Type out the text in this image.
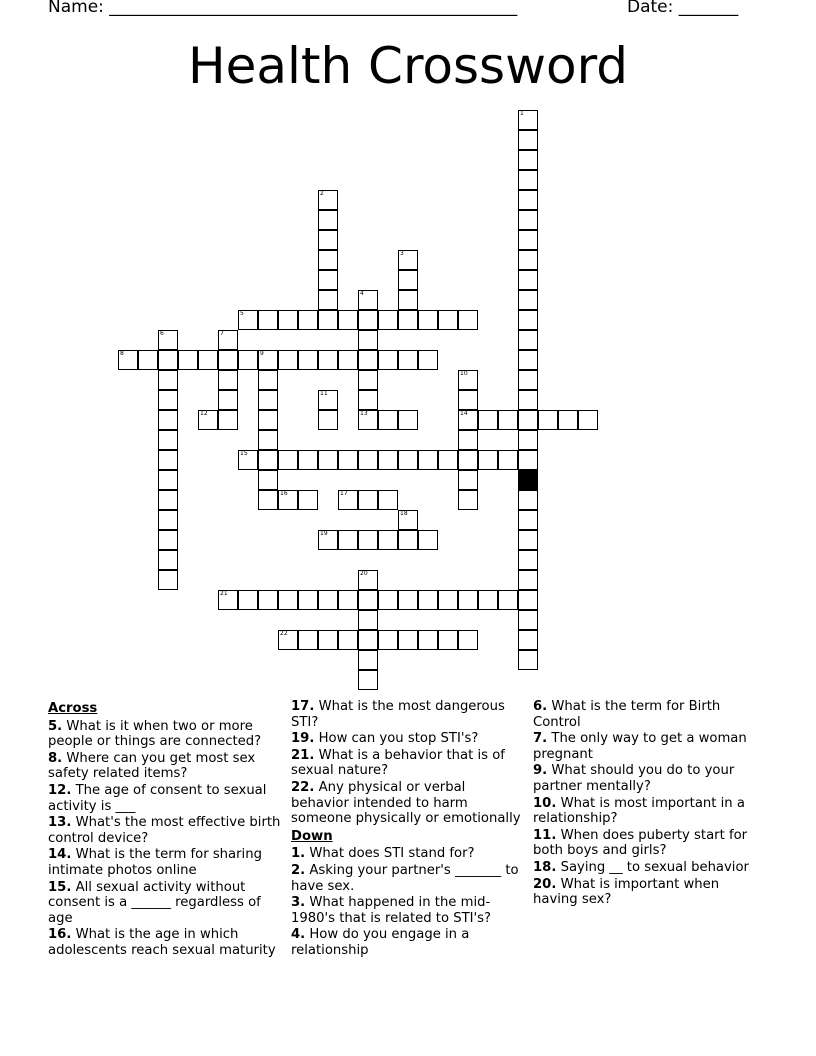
Name: ________________________________________________	Date: _______
Health Crossword
1
2
3
4
5
6	7
8	9
10
14
11
12	13
15
16	17
18
19
20
21
22
Across
5. What is it when two or more people or things are connected?
8. Where can you get most sex safety related items?
12. The age of consent to sexual activity is ___
13. What's the most effective birth control device?
14. What is the term for sharing intimate photos online
15. All sexual activity without consent is a ______ regardless of age
16. What is the age in which adolescents reach sexual maturity
17. What is the most dangerous STI?
19. How can you stop STI's?
21. What is a behavior that is of sexual nature?
22. Any physical or verbal behavior intended to harm someone physically or emotionally
Down
1. What does STI stand for?
2. Asking your partner's _______ to have sex.
3. What happened in the mid-1980's that is related to STI's?
4. How do you engage in a relationship
6. What is the term for Birth Control
7. The only way to get a woman pregnant
9. What should you do to your partner mentally?
10. What is most important in a relationship?
11. When does puberty start for both boys and girls?
18. Saying __ to sexual behavior
20. What is important when having sex?
